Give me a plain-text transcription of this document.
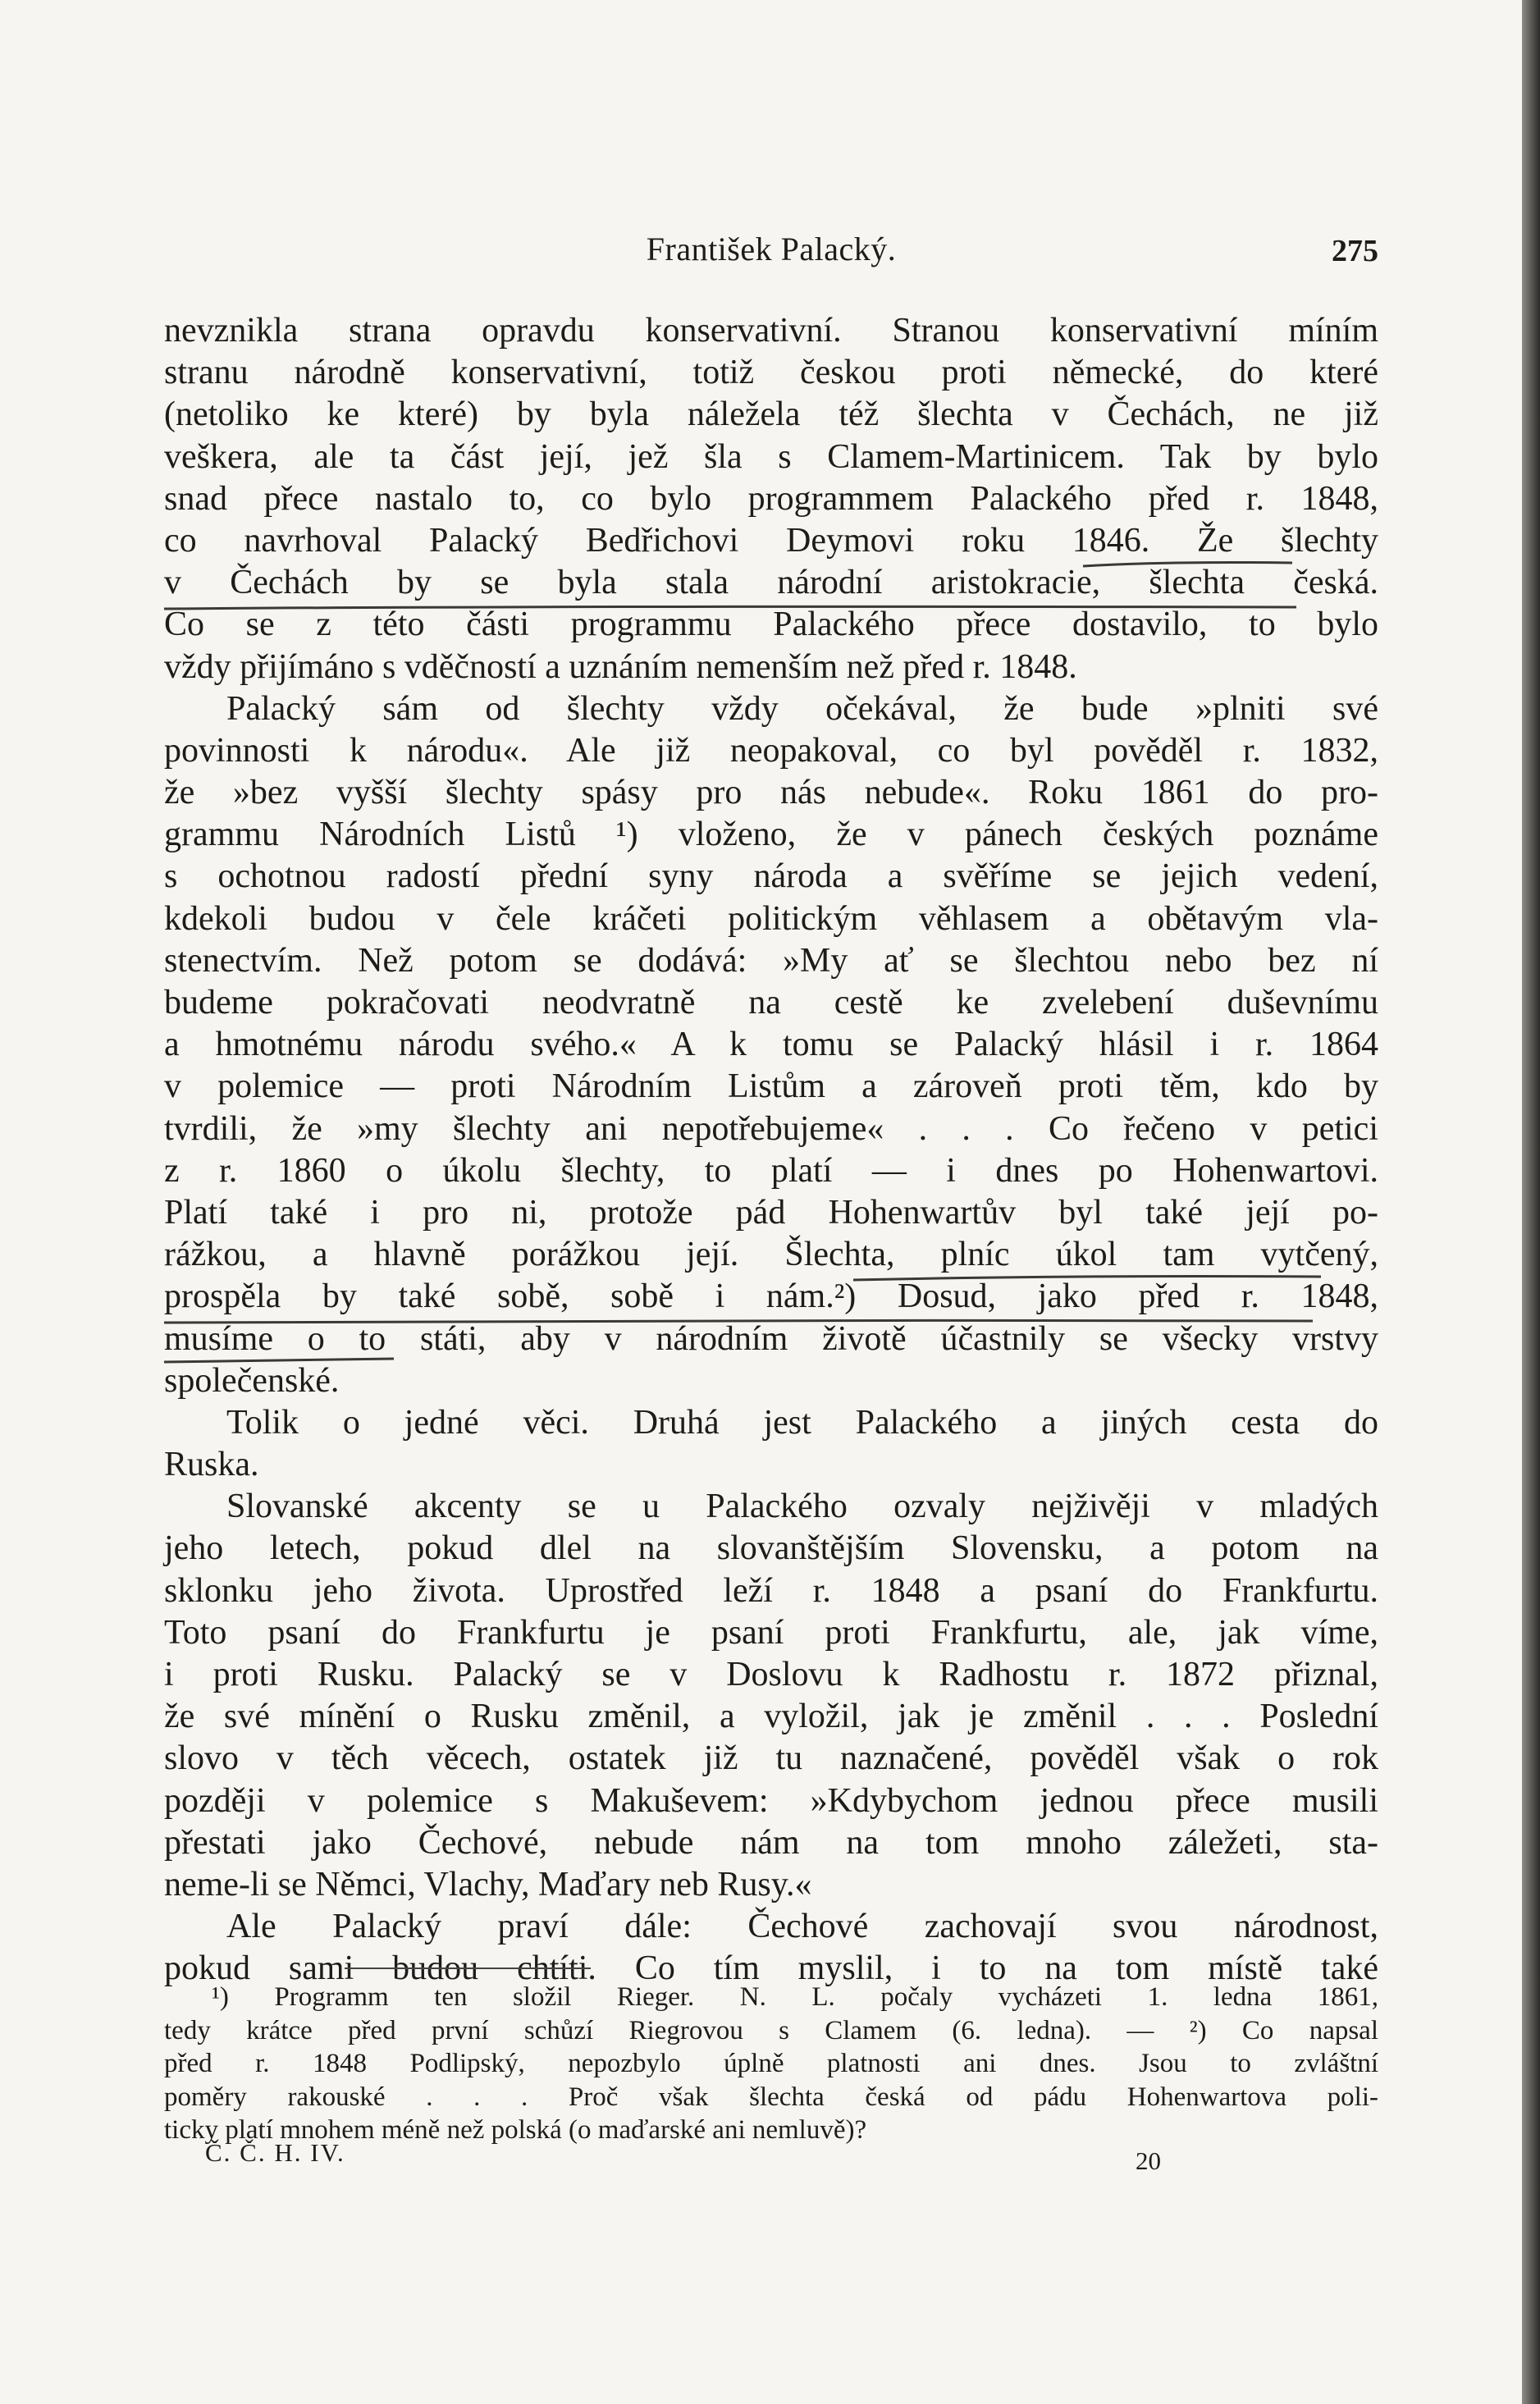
František Palacký.	275
nevznikla strana opravdu konservativní. Stranou konservativní míním
stranu národně konservativní, totiž českou proti německé, do které
(netoliko ke které) by byla náležela též šlechta v Čechách, ne již
veškera, ale ta část její, jež šla s Clamem-Martinicem. Tak by bylo
snad přece nastalo to, co bylo programmem Palackého před r. 1848,
co navrhoval Palacký Bedřichovi Deymovi roku 1846. Že šlechty
v Čechách by se byla stala národní aristokracie, šlechta česká.
Co se z této části programmu Palackého přece dostavilo, to bylo
vždy přijímáno s vděčností a uznáním nemenším než před r. 1848.
Palacký sám od šlechty vždy očekával, že bude »plniti své
povinnosti k národu«. Ale již neopakoval, co byl pověděl r. 1832,
že »bez vyšší šlechty spásy pro nás nebude«. Roku 1861 do pro-
grammu Národních Listů ¹) vloženo, že v pánech českých poznáme
s ochotnou radostí přední syny národa a svěříme se jejich vedení,
kdekoli budou v čele kráčeti politickým věhlasem a obětavým vla-
stenectvím. Než potom se dodává: »My ať se šlechtou nebo bez ní
budeme pokračovati neodvratně na cestě ke zvelebení duševnímu
a hmotnému národu svého.« A k tomu se Palacký hlásil i r. 1864
v polemice — proti Národním Listům a zároveň proti těm, kdo by
tvrdili, že »my šlechty ani nepotřebujeme« . . . Co řečeno v petici
z r. 1860 o úkolu šlechty, to platí — i dnes po Hohenwartovi.
Platí také i pro ni, protože pád Hohenwartův byl také její po-
rážkou, a hlavně porážkou její. Šlechta, plníc úkol tam vytčený,
prospěla by také sobě, sobě i nám.²) Dosud, jako před r. 1848,
musíme o to státi, aby v národním životě účastnily se všecky vrstvy
společenské.
Tolik o jedné věci. Druhá jest Palackého a jiných cesta do
Ruska.
Slovanské akcenty se u Palackého ozvaly nejživěji v mladých
jeho letech, pokud dlel na slovanštějším Slovensku, a potom na
sklonku jeho života. Uprostřed leží r. 1848 a psaní do Frankfurtu.
Toto psaní do Frankfurtu je psaní proti Frankfurtu, ale, jak víme,
i proti Rusku. Palacký se v Doslovu k Radhostu r. 1872 přiznal,
že své mínění o Rusku změnil, a vyložil, jak je změnil . . . Poslední
slovo v těch věcech, ostatek již tu naznačené, pověděl však o rok
později v polemice s Makuševem: »Kdybychom jednou přece musili
přestati jako Čechové, nebude nám na tom mnoho záležeti, sta-
neme-li se Němci, Vlachy, Maďary neb Rusy.«
Ale Palacký praví dále: Čechové zachovají svou národnost,
pokud sami budou chtíti. Co tím myslil, i to na tom místě také
¹) Programm ten složil Rieger. N. L. počaly vycházeti 1. ledna 1861,
tedy krátce před první schůzí Riegrovou s Clamem (6. ledna). — ²) Co napsal
před r. 1848 Podlipský, nepozbylo úplně platnosti ani dnes. Jsou to zvláštní
poměry rakouské . . . Proč však šlechta česká od pádu Hohenwartova poli-
ticky platí mnohem méně než polská (o maďarské ani nemluvě)?
Č. Č. H. IV.	20
